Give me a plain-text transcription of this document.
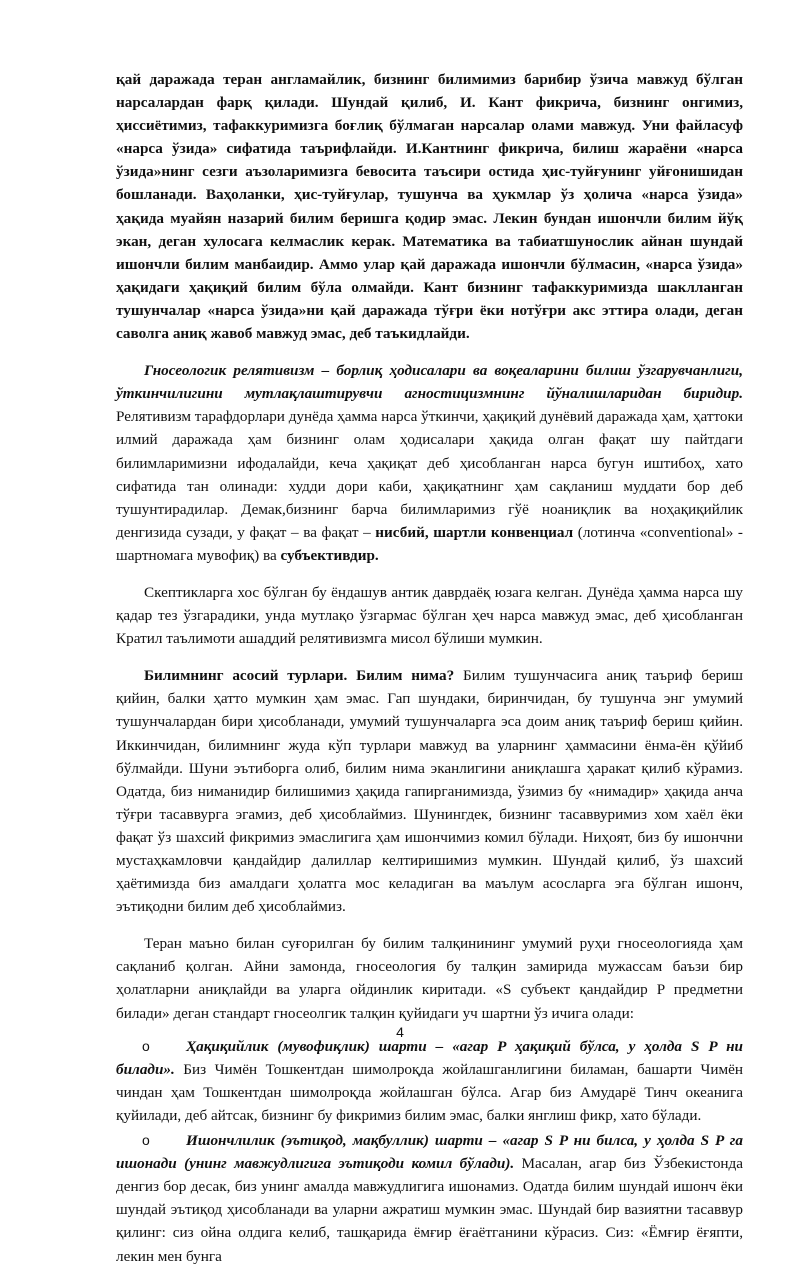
қай даражада теран англамайлик, бизнинг билимимиз барибир ўзича мавжуд бўлган нарсалардан фарқ қилади. Шундай қилиб, И. Кант фикрича, бизнинг онгимиз, ҳиссиётимиз, тафаккуримизга боғлиқ бўлмаган нарсалар олами мавжуд. Уни файласуф «нарса ўзида» сифатида таърифлайди. И.Кантнинг фикрича, билиш жараёни «нарса ўзида»нинг сезги аъзоларимизга бевосита таъсири остида ҳис-туйғунинг уйғонишидан бошланади. Ваҳоланки, ҳис-туйғулар, тушунча ва ҳукмлар ўз ҳолича «нарса ўзида» ҳақида муайян назарий билим беришга қодир эмас. Лекин бундан ишончли билим йўқ экан, деган хулосага келмаслик керак. Математика ва табиатшунослик айнан шундай ишончли билим манбаидир. Аммо улар қай даражада ишончли бўлмасин, «нарса ўзида» ҳақидаги ҳақиқий билим бўла олмайди. Кант бизнинг тафаккуримизда шаклланган тушунчалар «нарса ўзида»ни қай даражада тўғри ёки нотўғри акс эттира олади, деган саволга аниқ жавоб мавжуд эмас, деб таъкидлайди.

Гносеологик релятивизм – борлиқ ҳодисалари ва воқеаларини билиш ўзгарувчанлиги, ўткинчилигини мутлақлаштирувчи агностицизмнинг йўналишларидан биридир. Релятивизм тарафдорлари дунёда ҳамма нарса ўткинчи, ҳақиқий дунёвий даражада ҳам, ҳаттоки илмий даражада ҳам бизнинг олам ҳодисалари ҳақида олган фақат шу пайтдаги билимларимизни ифодалайди, кеча ҳақиқат деб ҳисобланган нарса бугун иштибоҳ, хато сифатида тан олинади: худди дори каби, ҳақиқатнинг ҳам сақланиш муддати бор деб тушунтирадилар. Демак,бизнинг барча билимларимиз гўё ноаниқлик ва ноҳақиқийлик денгизида сузади, у фақат – ва фақат – нисбий, шартли конвенциал (лотинча «conventional» - шартномага мувофиқ) ва субъективдир.

Скептикларга хос бўлган бу ёндашув антик даврдаёқ юзага келган. Дунёда ҳамма нарса шу қадар тез ўзгарадики, унда мутлақо ўзгармас бўлган ҳеч нарса мавжуд эмас, деб ҳисобланган Кратил таълимоти ашаддий релятивизмга мисол бўлиши мумкин.

Билимнинг асосий турлари. Билим нима? Билим тушунчасига аниқ таъриф бериш қийин, балки ҳатто мумкин ҳам эмас. Гап шундаки, биринчидан, бу тушунча энг умумий тушунчалардан бири ҳисобланади, умумий тушунчаларга эса доим аниқ таъриф бериш қийин. Иккинчидан, билимнинг жуда кўп турлари мавжуд ва уларнинг ҳаммасини ёнма-ён қўйиб бўлмайди. Шуни эътиборга олиб, билим нима эканлигини аниқлашга ҳаракат қилиб кўрамиз. Одатда, биз ниманидир билишимиз ҳақида гапирганимизда, ўзимиз бу «нимадир» ҳақида анча тўғри тасаввурга эгамиз, деб ҳисоблаймиз. Шунингдек, бизнинг тасаввуримиз хом хаёл ёки фақат ўз шахсий фикримиз эмаслигига ҳам ишончимиз комил бўлади. Ниҳоят, биз бу ишончни мустаҳкамловчи қандайдир далиллар келтиришимиз мумкин. Шундай қилиб, ўз шахсий ҳаётимизда биз амалдаги ҳолатга мос келадиган ва маълум асосларга эга бўлган ишонч, эътиқодни билим деб ҳисоблаймиз.

Теран маъно билан суғорилган бу билим талқинининг умумий руҳи гносеологияда ҳам сақланиб қолган. Айни замонда, гносеология бу талқин замирида мужассам баъзи бир ҳолатларни аниқлайди ва уларга ойдинлик киритади. «S субъект қандайдир P предметни билади» деган стандарт гносеолгик талқин қуйидаги уч шартни ўз ичига олади:

o Ҳақиқийлик (мувофиқлик) шарти – «агар P ҳақиқий бўлса, у ҳолда S P ни билади». Биз Чимён Тошкентдан шимолроқда жойлашганлигини биламан, башарти Чимён чиндан ҳам Тошкентдан шимолроқда жойлашган бўлса. Агар биз Амударё Тинч океанига қуйилади, деб айтсак, бизнинг бу фикримиз билим эмас, балки янглиш фикр, хато бўлади.

o Ишончлилик (эътиқод, мақбуллик) шарти – «агар S P ни билса, у ҳолда S P га ишонади (унинг мавжудлигига эътиқоди комил бўлади). Масалан, агар биз Ўзбекистонда денгиз бор десак, биз унинг амалда мавжудлигига ишонамиз. Одатда билим шундай ишонч ёки шундай эътиқод ҳисобланади ва уларни ажратиш мумкин эмас. Шундай бир вазиятни тасаввур қилинг: сиз ойна олдига келиб, ташқарида ёмғир ёғаётганини кўрасиз. Сиз: «Ёмғир ёғяпти, лекин мен бунга

4
